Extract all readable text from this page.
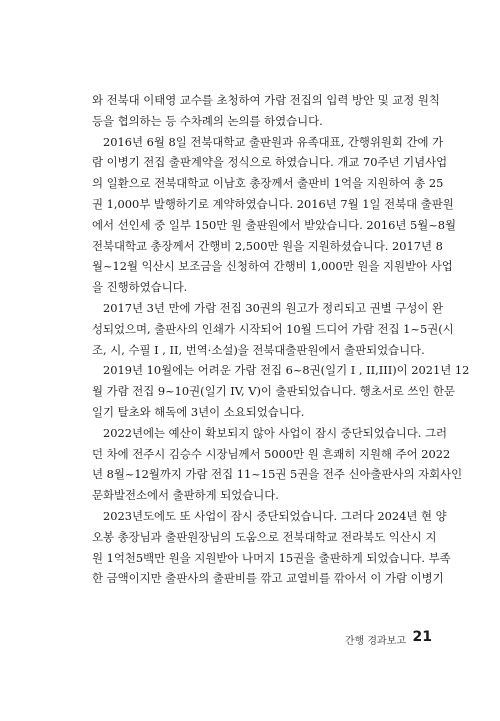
와 전북대 이태영 교수를 초청하여 가람 전집의 입력 방안 및 교정 원칙
등을 협의하는 등 수차례의 논의를 하였습니다.
2016년 6월 8일 전북대학교 출판원과 유족대표, 간행위원회 간에 가
람 이병기 전집 출판계약을 정식으로 하였습니다. 개교 70주년 기념사업
의 일환으로 전북대학교 이남호 총장께서 출판비 1억을 지원하여 총 25
권 1,000부 발행하기로 계약하였습니다. 2016년 7월 1일 전북대 출판원
에서 선인세 중 일부 150만 원 출판원에서 받았습니다. 2016년 5월~8월
전북대학교 총장께서 간행비 2,500만 원을 지원하셨습니다. 2017년 8
월~12월 익산시 보조금을 신청하여 간행비 1,000만 원을 지원받아 사업
을 진행하였습니다.
2017년 3년 만에 가람 전집 30권의 원고가 정리되고 권별 구성이 완
성되었으며, 출판사의 인쇄가 시작되어 10월 드디어 가람 전집 1~5권(시
조, 시, 수필 I , II, 번역·소설)을 전북대출판원에서 출판되었습니다.
2019년 10월에는 어려운 가람 전집 6~8권(일기 I , II,III)이 2021년 12
월 가람 전집 9~10권(일기 IV, V)이 출판되었습니다. 행초서로 쓰인 한문
일기 탈초와 해독에 3년이 소요되었습니다.
2022년에는 예산이 확보되지 않아 사업이 잠시 중단되었습니다. 그러
던 차에 전주시 김승수 시장님께서 5000만 원 흔쾌히 지원해 주어 2022
년 8월~12월까지 가람 전집 11~15권 5권을 전주 신아출판사의 자회사인
문화발전소에서 출판하게 되었습니다.
2023년도에도 또 사업이 잠시 중단되었습니다. 그러다 2024년 현 양
오봉 총장님과 출판원장님의 도움으로 전북대학교 전라북도 익산시 지
원 1억천5백만 원을 지원받아 나머지 15권을 출판하게 되었습니다. 부족
한 금액이지만 출판사의 출판비를 깎고 교열비를 깎아서 이 가람 이병기
간행 경과보고 21
